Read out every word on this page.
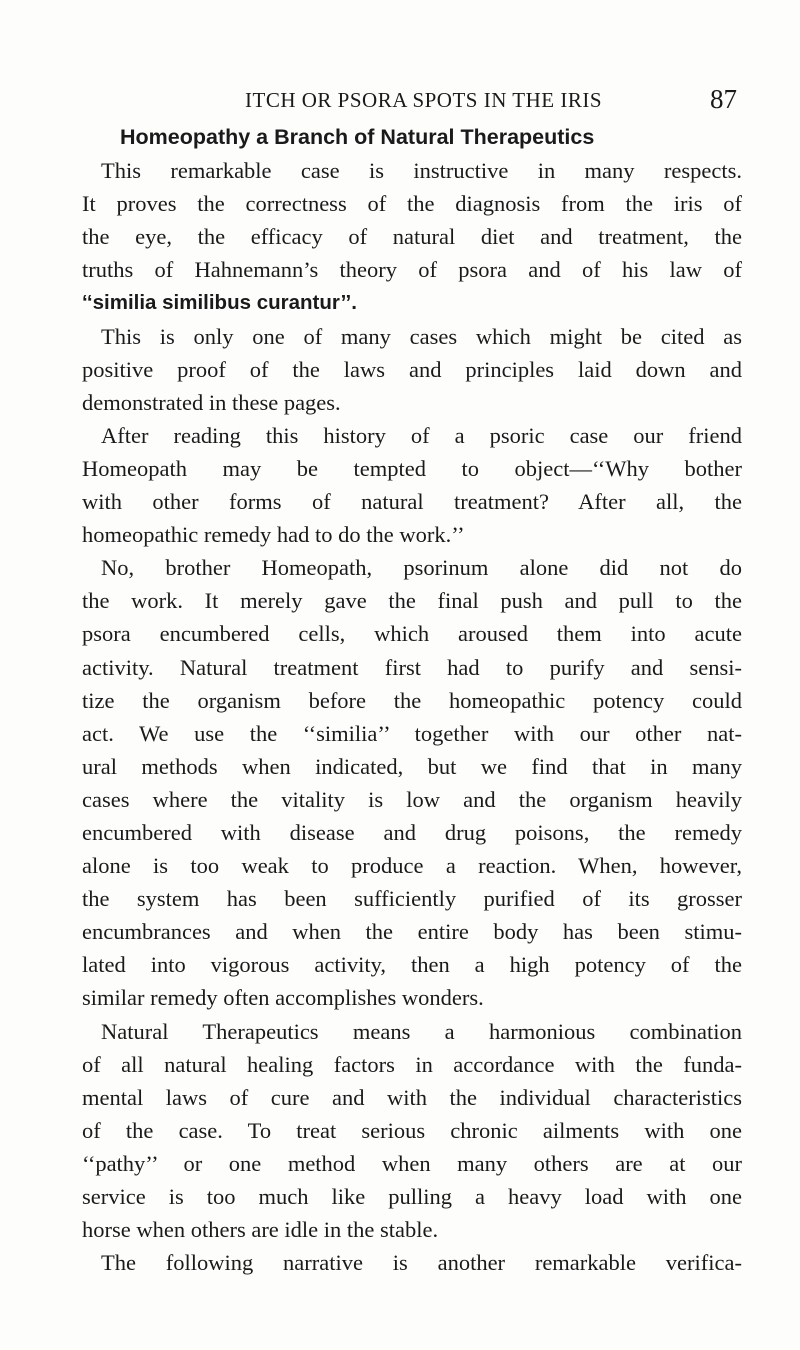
ITCH OR PSORA SPOTS IN THE IRIS	87
Homeopathy a Branch of Natural Therapeutics
This remarkable case is instructive in many respects.
It proves the correctness of the diagnosis from the iris of
the eye, the efficacy of natural diet and treatment, the
truths of Hahnemann’s theory of psora and of his law of
‘‘similia similibus curantur’’.
This is only one of many cases which might be cited as
positive proof of the laws and principles laid down and
demonstrated in these pages.
After reading this history of a psoric case our friend
Homeopath may be tempted to object—‘‘Why bother
with other forms of natural treatment? After all, the
homeopathic remedy had to do the work.’’
No, brother Homeopath, psorinum alone did not do
the work. It merely gave the final push and pull to the
psora encumbered cells, which aroused them into acute
activity. Natural treatment first had to purify and sensi-
tize the organism before the homeopathic potency could
act. We use the ‘‘similia’’ together with our other nat-
ural methods when indicated, but we find that in many
cases where the vitality is low and the organism heavily
encumbered with disease and drug poisons, the remedy
alone is too weak to produce a reaction. When, however,
the system has been sufficiently purified of its grosser
encumbrances and when the entire body has been stimu-
lated into vigorous activity, then a high potency of the
similar remedy often accomplishes wonders.
Natural Therapeutics means a harmonious combination
of all natural healing factors in accordance with the funda-
mental laws of cure and with the individual characteristics
of the case. To treat serious chronic ailments with one
‘‘pathy’’ or one method when many others are at our
service is too much like pulling a heavy load with one
horse when others are idle in the stable.
The following narrative is another remarkable verifica-
